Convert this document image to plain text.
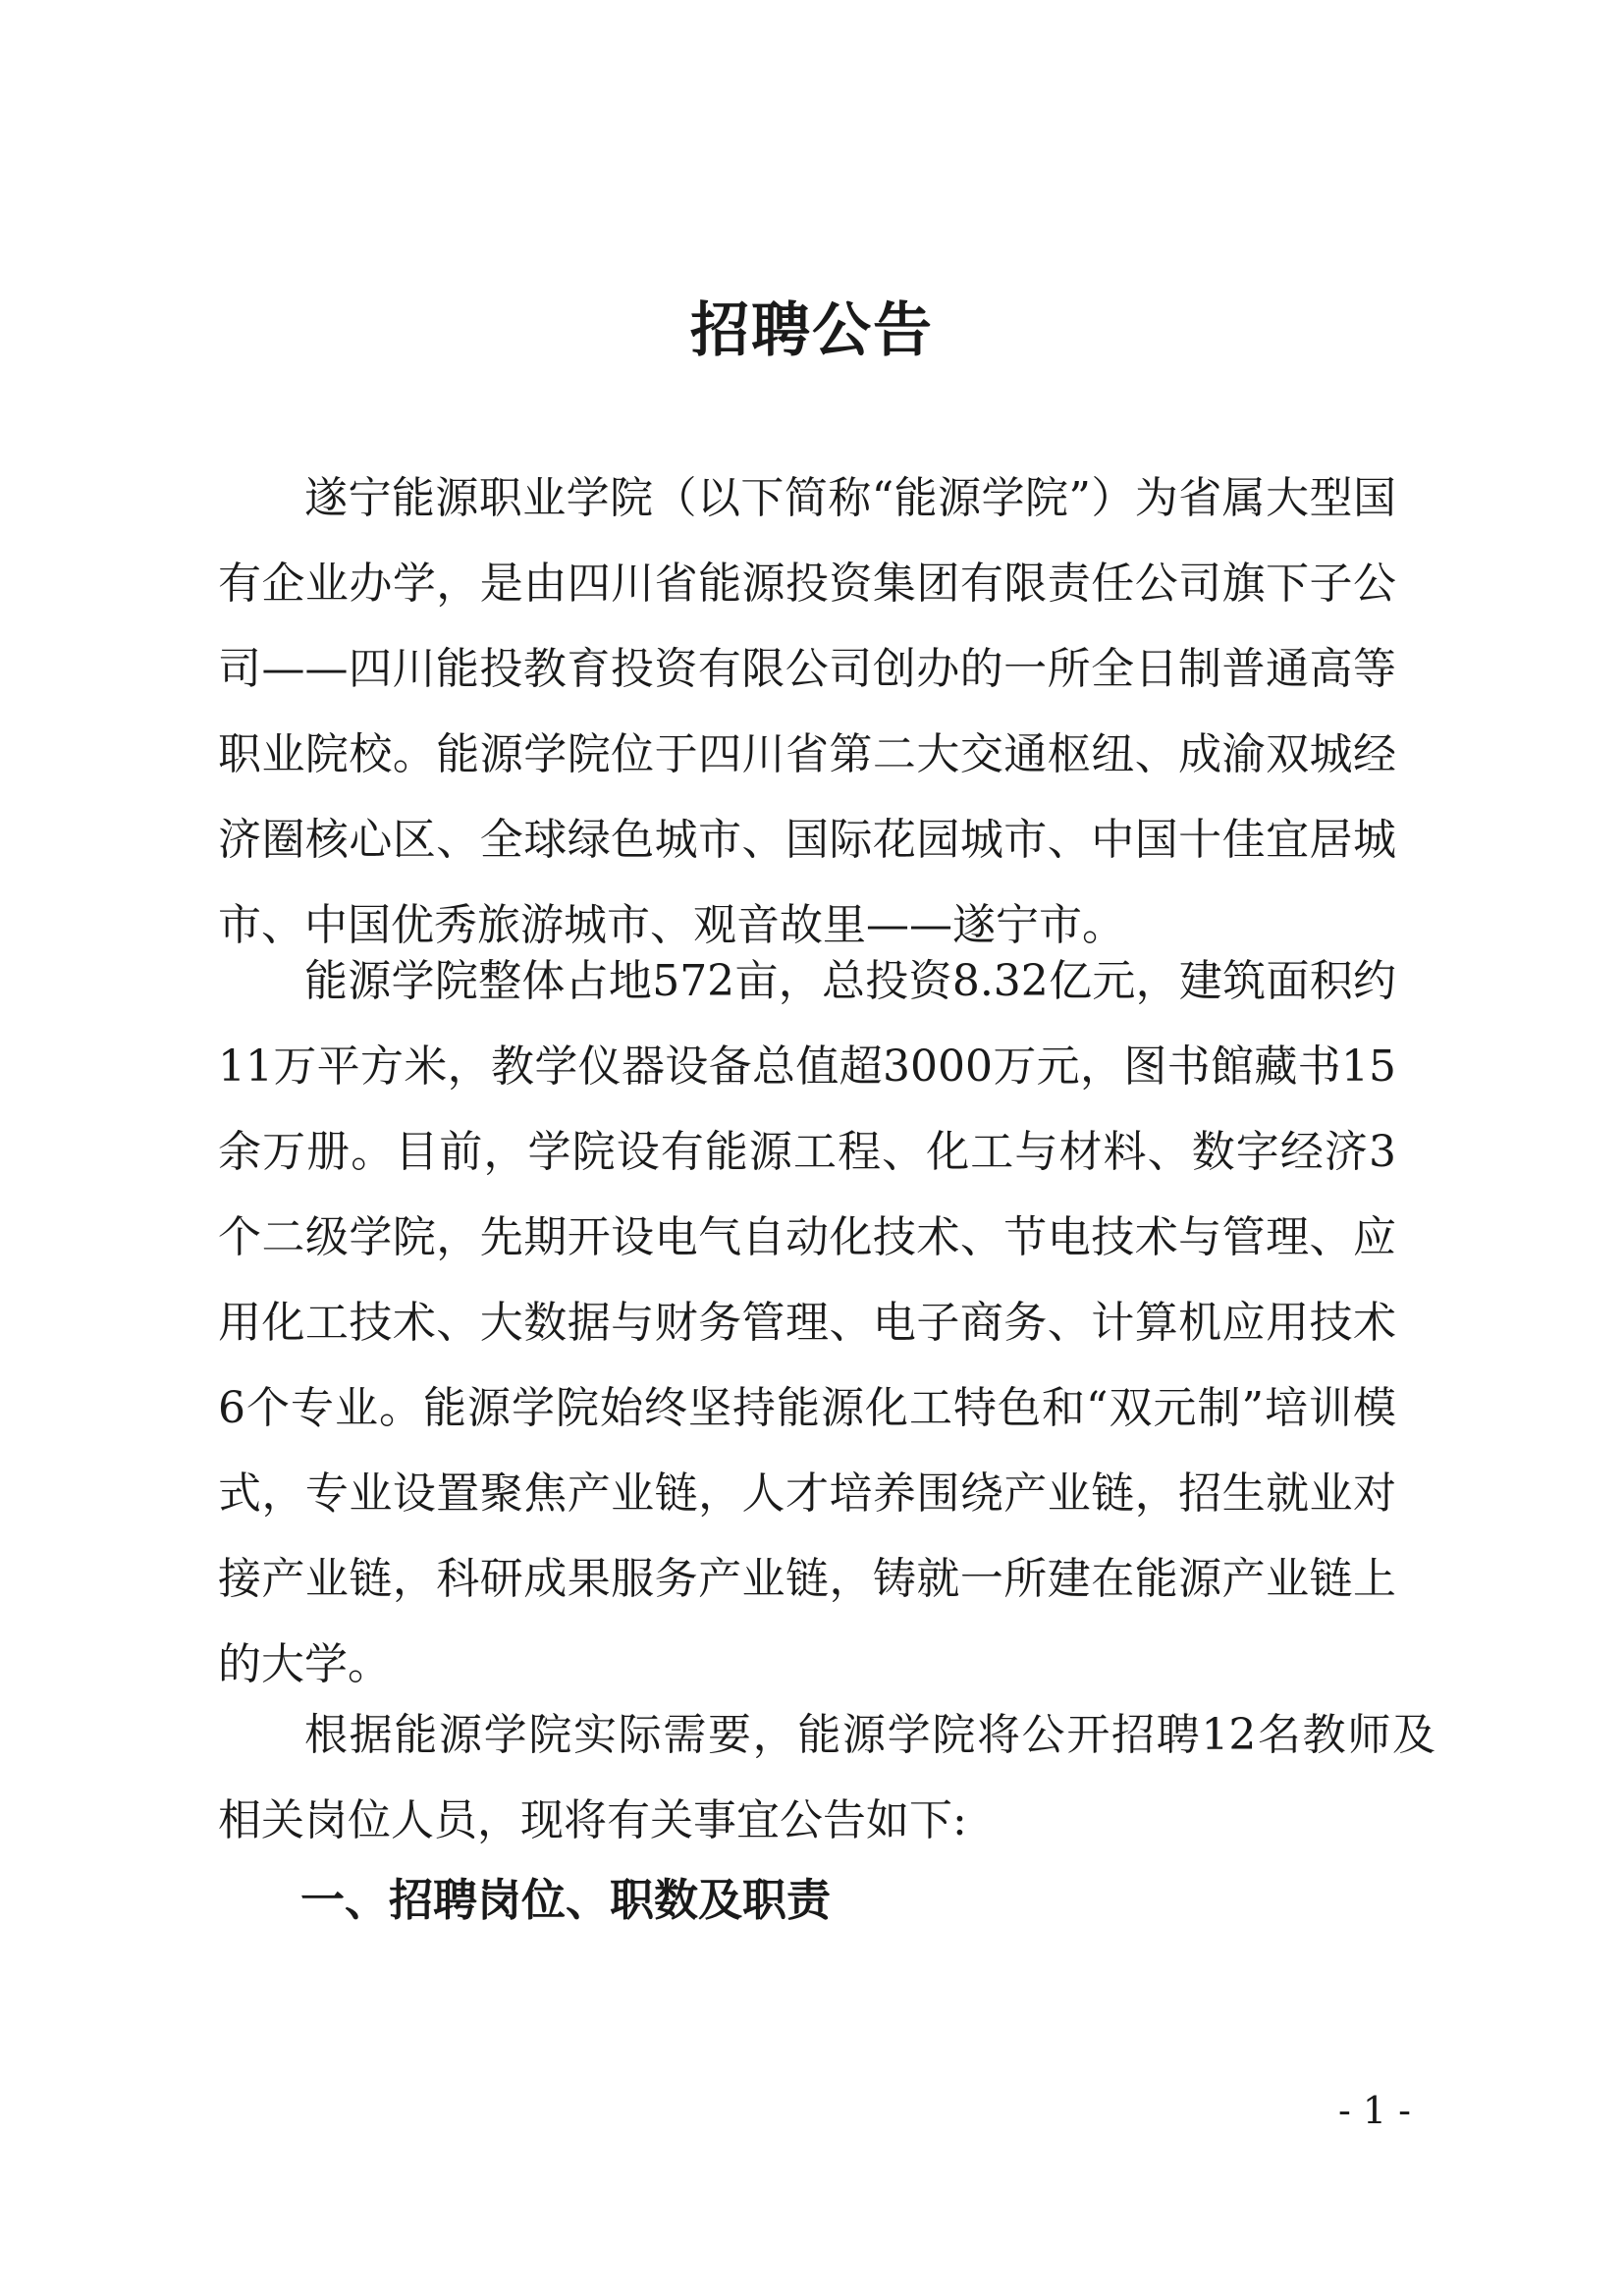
招聘公告

遂宁能源职业学院（以下简称“能源学院”）为省属大型国有企业办学，是由四川省能源投资集团有限责任公司旗下子公司——四川能投教育投资有限公司创办的一所全日制普通高等职业院校。能源学院位于四川省第二大交通枢纽、成渝双城经济圈核心区、全球绿色城市、国际花园城市、中国十佳宜居城市、中国优秀旅游城市、观音故里——遂宁市。

能源学院整体占地572亩，总投资8.32亿元，建筑面积约11万平方米，教学仪器设备总值超3000万元，图书館藏书15余万册。目前，学院设有能源工程、化工与材料、数字经济3个二级学院，先期开设电气自动化技术、节电技术与管理、应用化工技术、大数据与财务管理、电子商务、计算机应用技术6个专业。能源学院始终坚持能源化工特色和“双元制”培训模式，专业设置聚焦产业链，人才培养围绕产业链，招生就业对接产业链，科研成果服务产业链，铸就一所建在能源产业链上的大学。

根据能源学院实际需要，能源学院将公开招聘12名教师及相关岗位人员，现将有关事宜公告如下:

一、招聘岗位、职数及职责
- 1 -
